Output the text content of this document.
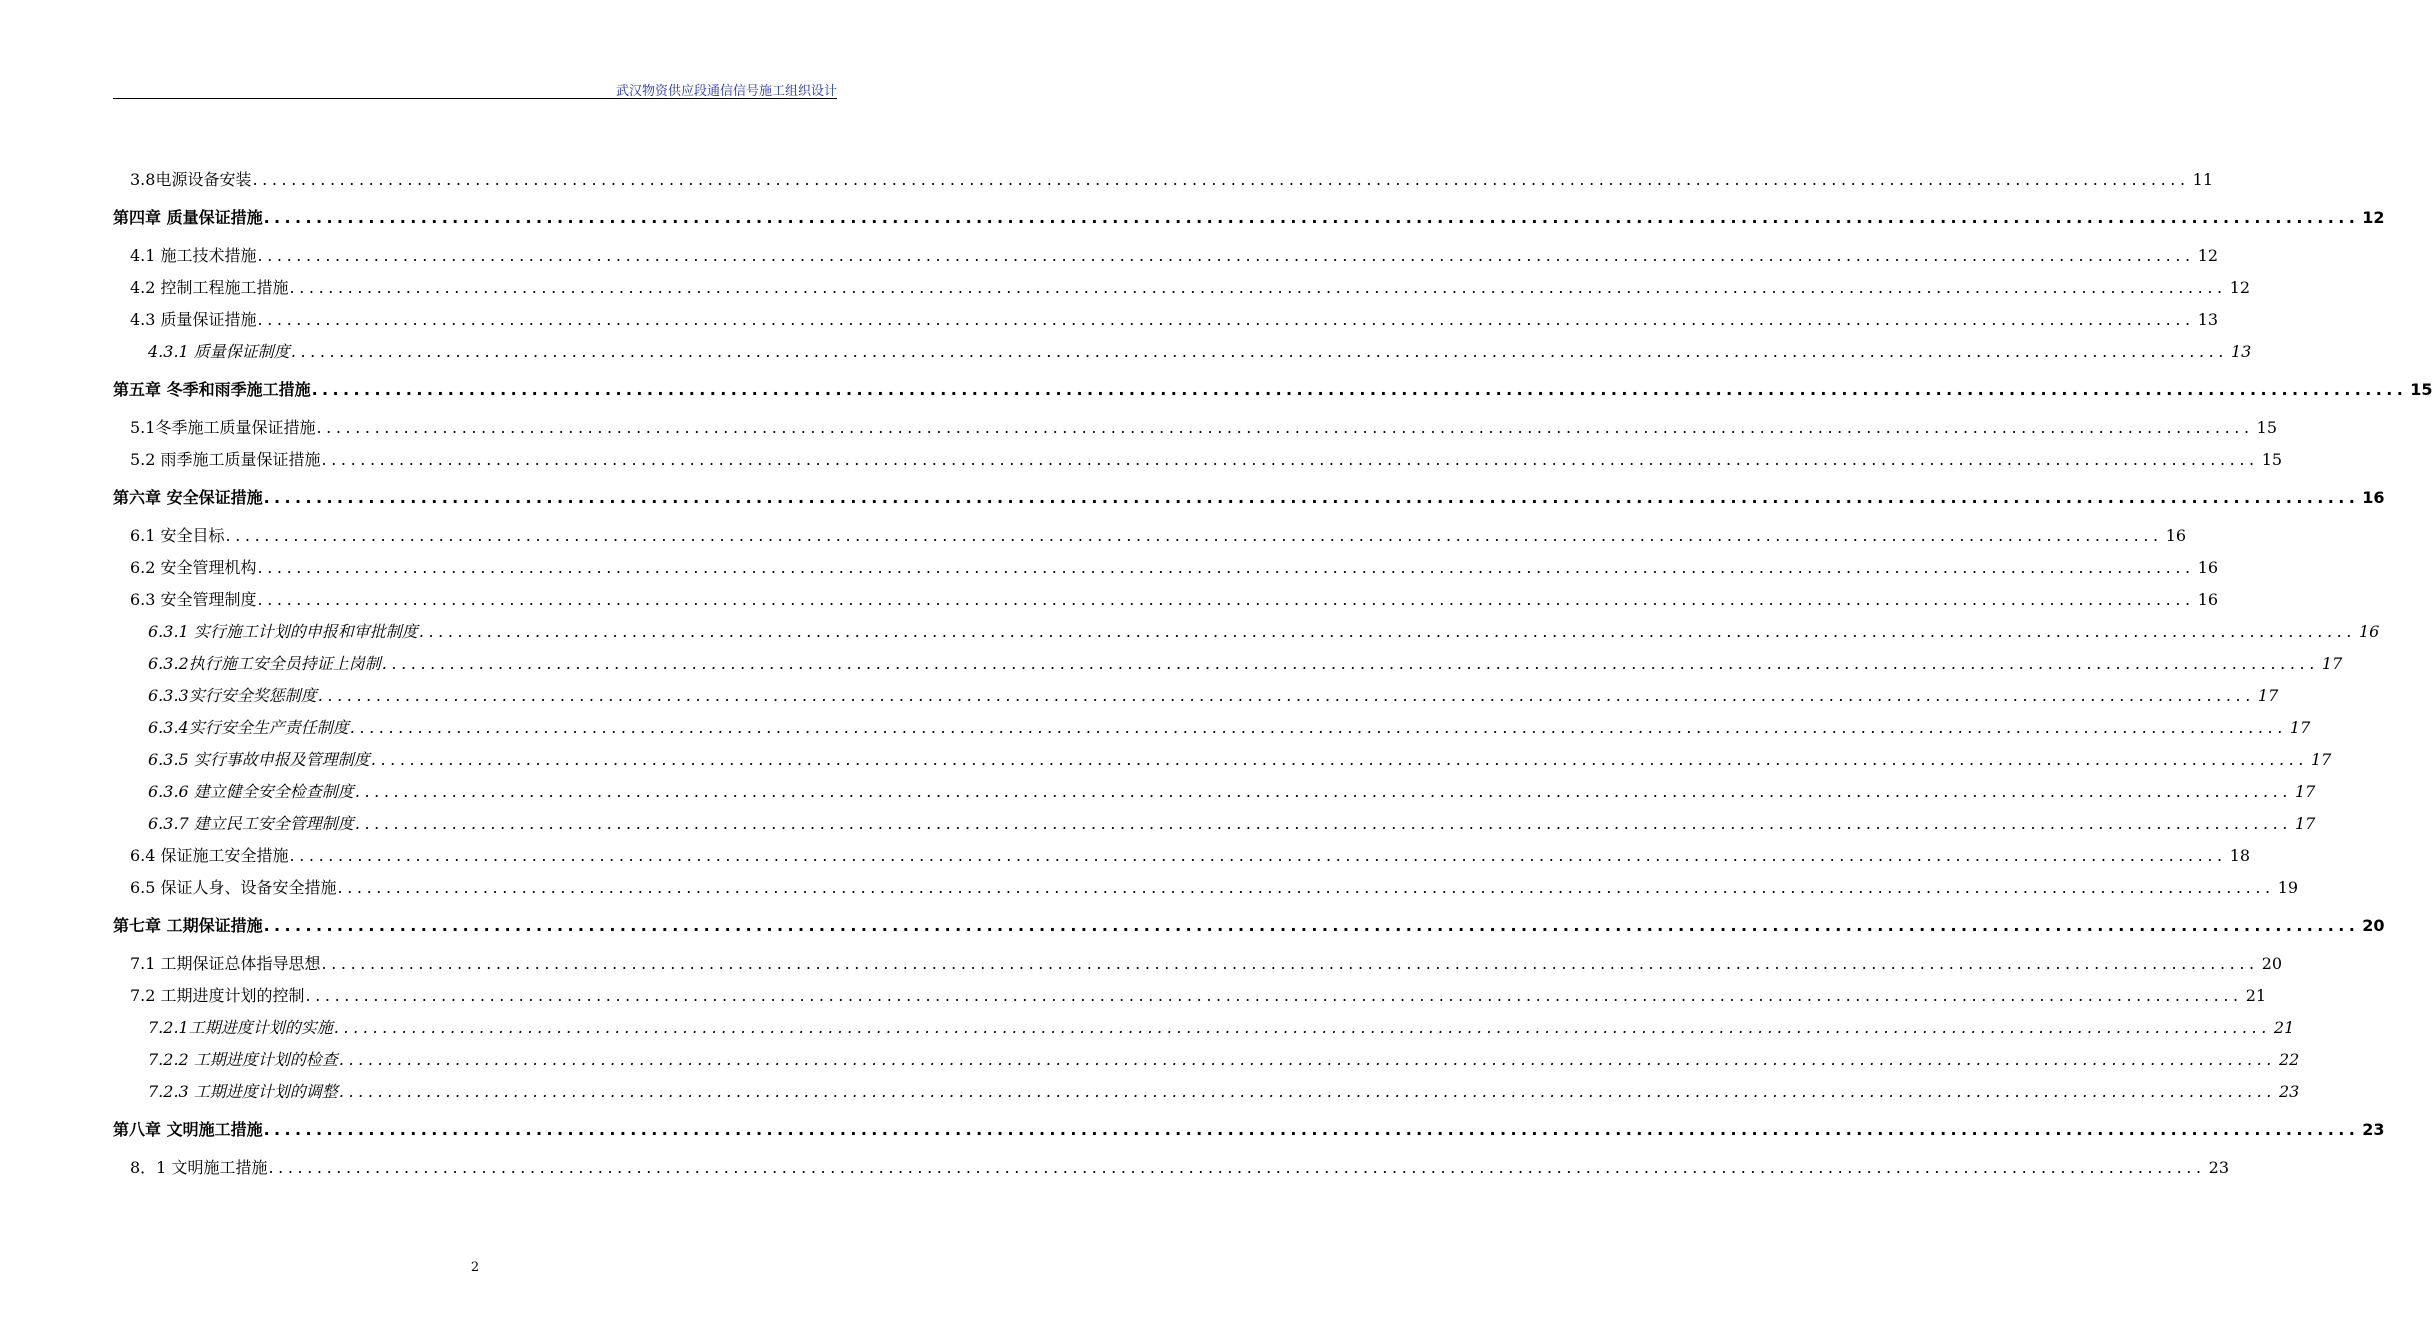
武汉物资供应段通信信号施工组织设计
3.8电源设备安装 ........................................................................................................................................................................................................ 11
第四章 质量保证措施 ........................................................................................................................................................................................................ 12
4.1 施工技术措施 ........................................................................................................................................................................................................ 12
4.2 控制工程施工措施 ........................................................................................................................................................................................................ 12
4.3 质量保证措施 ........................................................................................................................................................................................................ 13
4.3.1 质量保证制度 ........................................................................................................................................................................................................ 13
第五章 冬季和雨季施工措施 ........................................................................................................................................................................................................ 15
5.1冬季施工质量保证措施 ........................................................................................................................................................................................................ 15
5.2 雨季施工质量保证措施 ........................................................................................................................................................................................................ 15
第六章 安全保证措施 ........................................................................................................................................................................................................ 16
6.1 安全目标 ........................................................................................................................................................................................................ 16
6.2 安全管理机构 ........................................................................................................................................................................................................ 16
6.3 安全管理制度 ........................................................................................................................................................................................................ 16
6.3.1 实行施工计划的申报和审批制度 ........................................................................................................................................................................................................ 16
6.3.2执行施工安全员持证上岗制 ........................................................................................................................................................................................................ 17
6.3.3实行安全奖惩制度 ........................................................................................................................................................................................................ 17
6.3.4实行安全生产责任制度 ........................................................................................................................................................................................................ 17
6.3.5 实行事故申报及管理制度 ........................................................................................................................................................................................................ 17
6.3.6 建立健全安全检查制度 ........................................................................................................................................................................................................ 17
6.3.7 建立民工安全管理制度 ........................................................................................................................................................................................................ 17
6.4 保证施工安全措施 ........................................................................................................................................................................................................ 18
6.5 保证人身、设备安全措施 ........................................................................................................................................................................................................ 19
第七章 工期保证措施 ........................................................................................................................................................................................................ 20
7.1 工期保证总体指导思想 ........................................................................................................................................................................................................ 20
7.2 工期进度计划的控制 ........................................................................................................................................................................................................ 21
7.2.1工期进度计划的实施 ........................................................................................................................................................................................................ 21
7.2.2 工期进度计划的检查 ........................................................................................................................................................................................................ 22
7.2.3 工期进度计划的调整 ........................................................................................................................................................................................................ 23
第八章 文明施工措施 ........................................................................................................................................................................................................ 23
8．1 文明施工措施 ........................................................................................................................................................................................................ 23
2
